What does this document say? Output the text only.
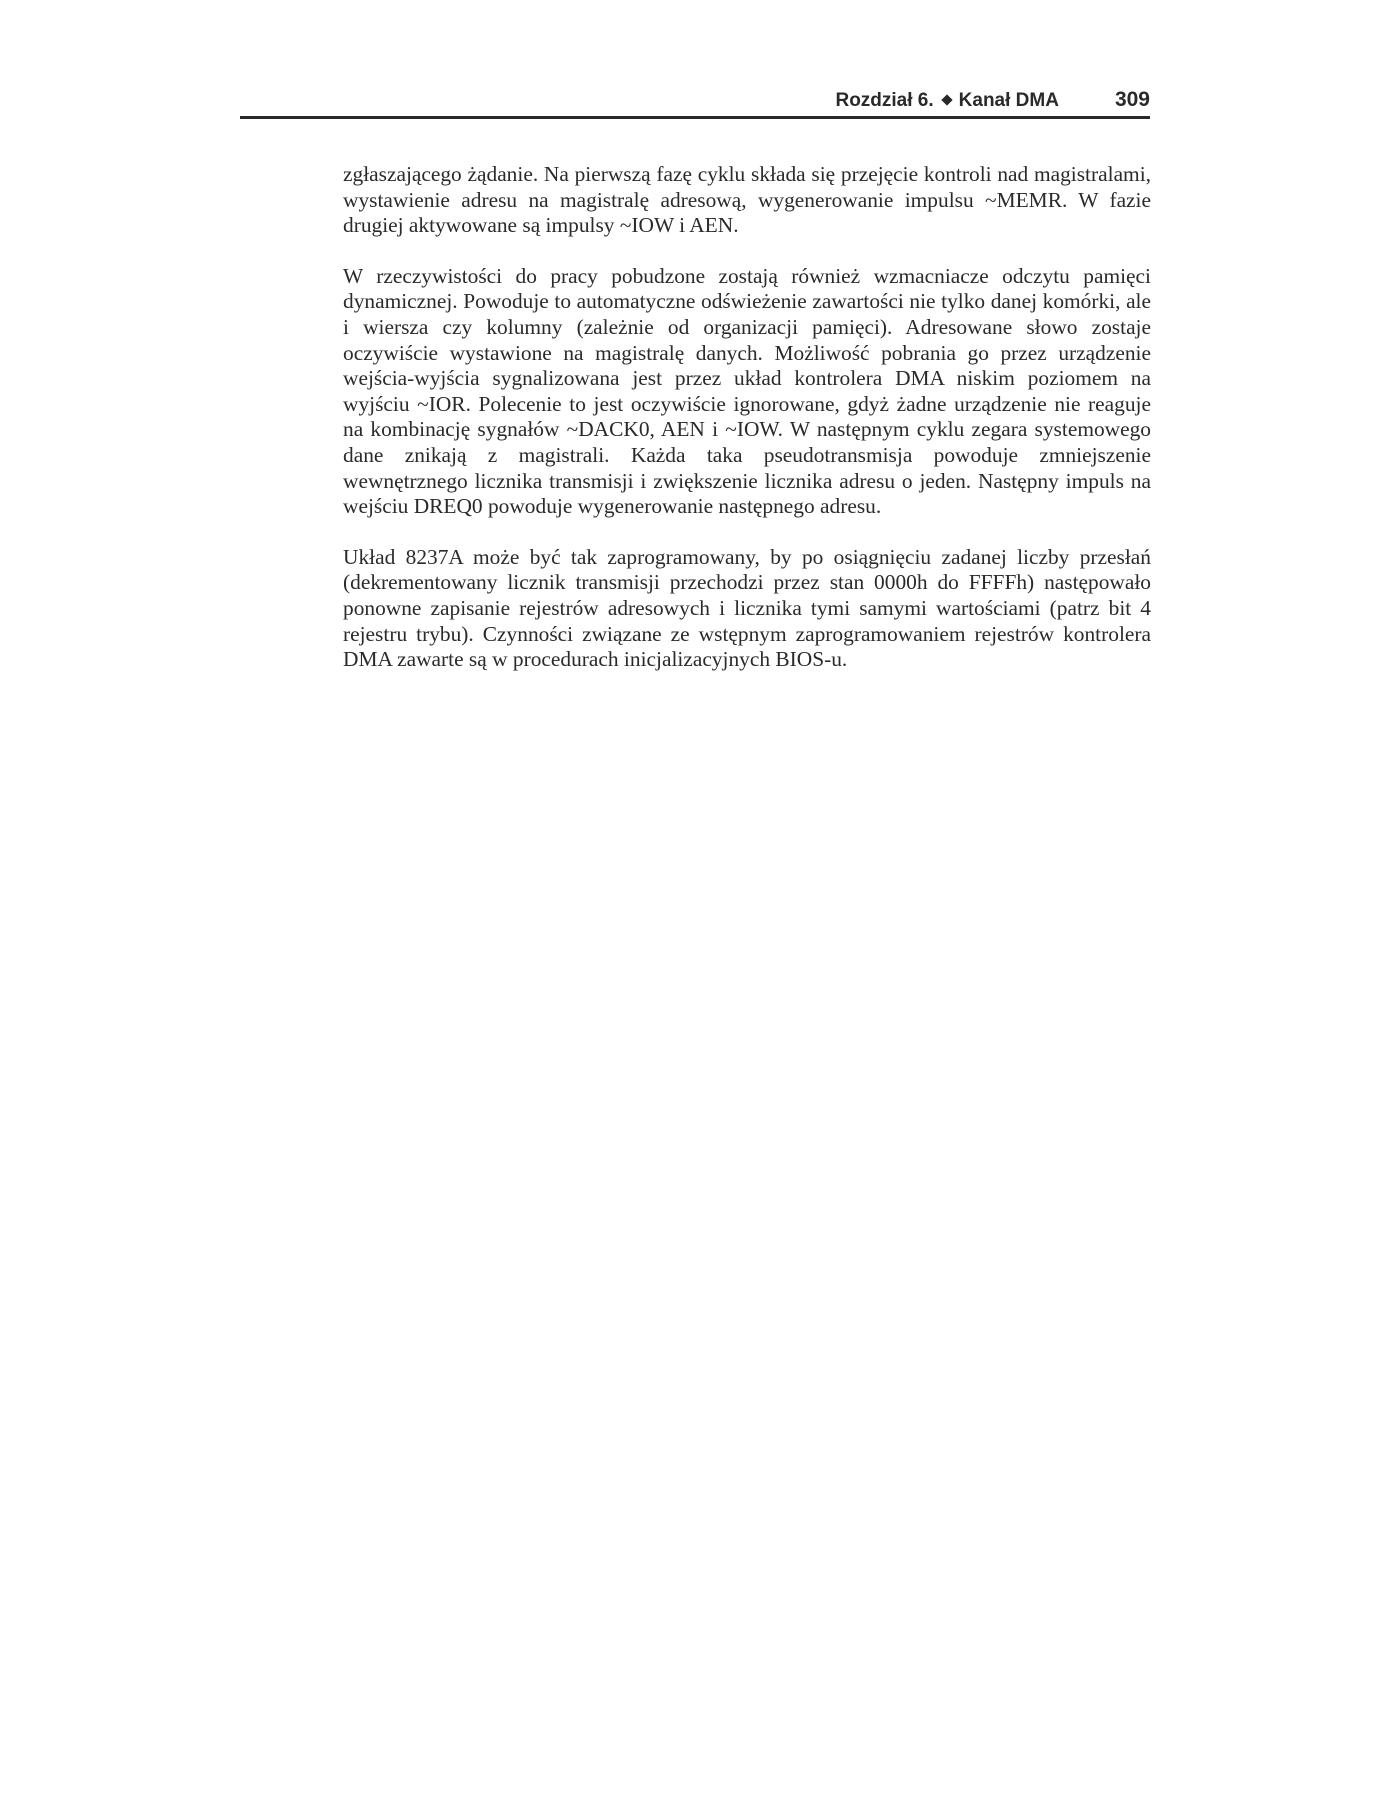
Rozdział 6. Kanał DMA	309

zgłaszającego żądanie. Na pierwszą fazę cyklu składa się przejęcie kontroli nad magistralami, wystawienie adresu na magistralę adresową, wygenerowanie impulsu ~MEMR. W fazie drugiej aktywowane są impulsy ~IOW i AEN.

W rzeczywistości do pracy pobudzone zostają również wzmacniacze odczytu pamięci dynamicznej. Powoduje to automatyczne odświeżenie zawartości nie tylko danej komórki, ale i wiersza czy kolumny (zależnie od organizacji pamięci). Adresowane słowo zostaje oczywiście wystawione na magistralę danych. Możliwość pobrania go przez urządzenie wejścia-wyjścia sygnalizowana jest przez układ kontrolera DMA niskim poziomem na wyjściu ~IOR. Polecenie to jest oczywiście ignorowane, gdyż żadne urządzenie nie reaguje na kombinację sygnałów ~DACK0, AEN i ~IOW. W następnym cyklu zegara systemowego dane znikają z magistrali. Każda taka pseudotransmisja powoduje zmniejszenie wewnętrznego licznika transmisji i zwiększenie licznika adresu o jeden. Następny impuls na wejściu DREQ0 powoduje wygenerowanie następnego adresu.

Układ 8237A może być tak zaprogramowany, by po osiągnięciu zadanej liczby przesłań (dekrementowany licznik transmisji przechodzi przez stan 0000h do FFFFh) następowało ponowne zapisanie rejestrów adresowych i licznika tymi samymi wartościami (patrz bit 4 rejestru trybu). Czynności związane ze wstępnym zaprogramowaniem rejestrów kontrolera DMA zawarte są w procedurach inicjalizacyjnych BIOS-u.
